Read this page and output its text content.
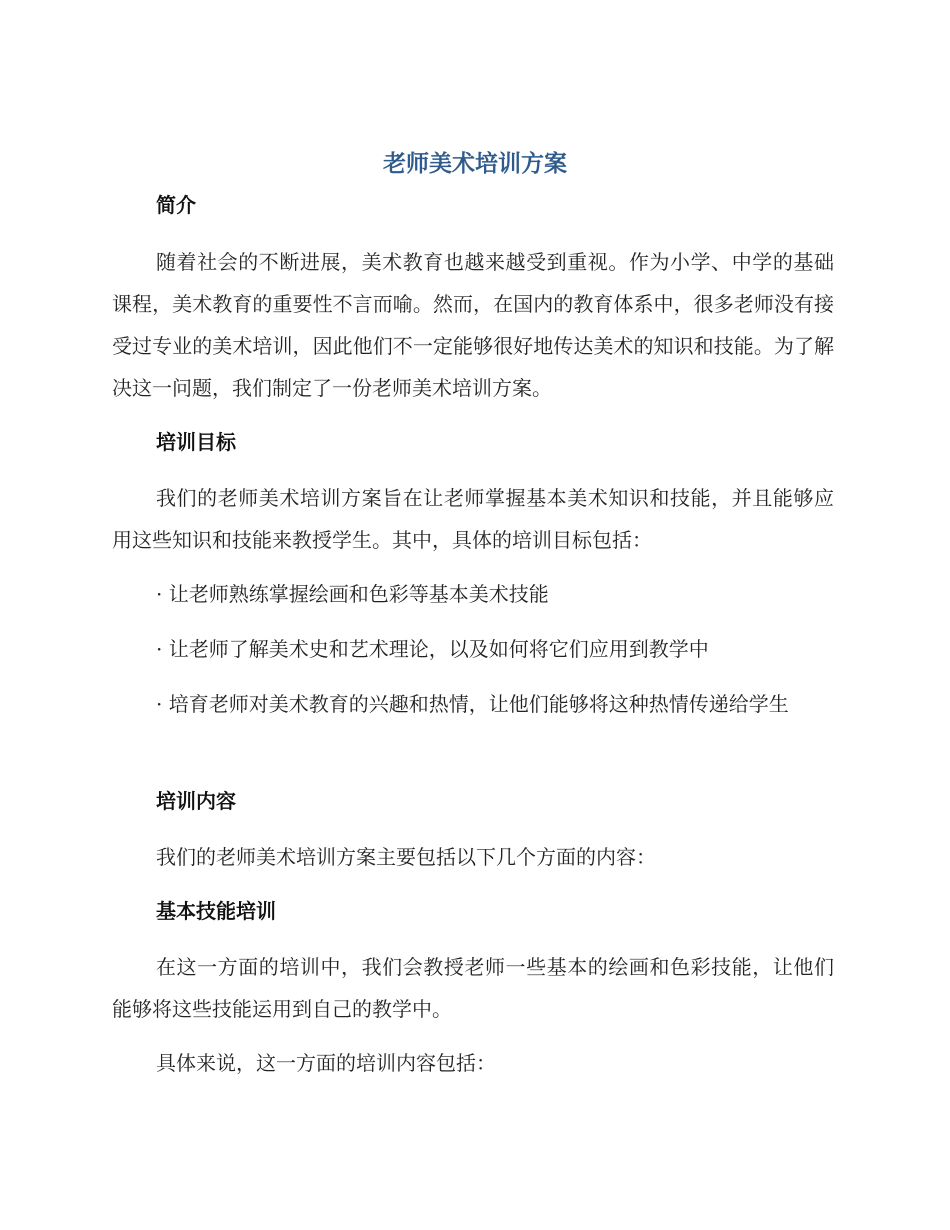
老师美术培训方案
简介

随着社会的不断进展，美术教育也越来越受到重视。作为小学、中学的基础课程，美术教育的重要性不言而喻。然而，在国内的教育体系中，很多老师没有接受过专业的美术培训，因此他们不一定能够很好地传达美术的知识和技能。为了解决这一问题，我们制定了一份老师美术培训方案。

培训目标

我们的老师美术培训方案旨在让老师掌握基本美术知识和技能，并且能够应用这些知识和技能来教授学生。其中，具体的培训目标包括：

· 让老师熟练掌握绘画和色彩等基本美术技能

· 让老师了解美术史和艺术理论，以及如何将它们应用到教学中

· 培育老师对美术教育的兴趣和热情，让他们能够将这种热情传递给学生

培训内容

我们的老师美术培训方案主要包括以下几个方面的内容：

基本技能培训

在这一方面的培训中，我们会教授老师一些基本的绘画和色彩技能，让他们能够将这些技能运用到自己的教学中。

具体来说，这一方面的培训内容包括：
